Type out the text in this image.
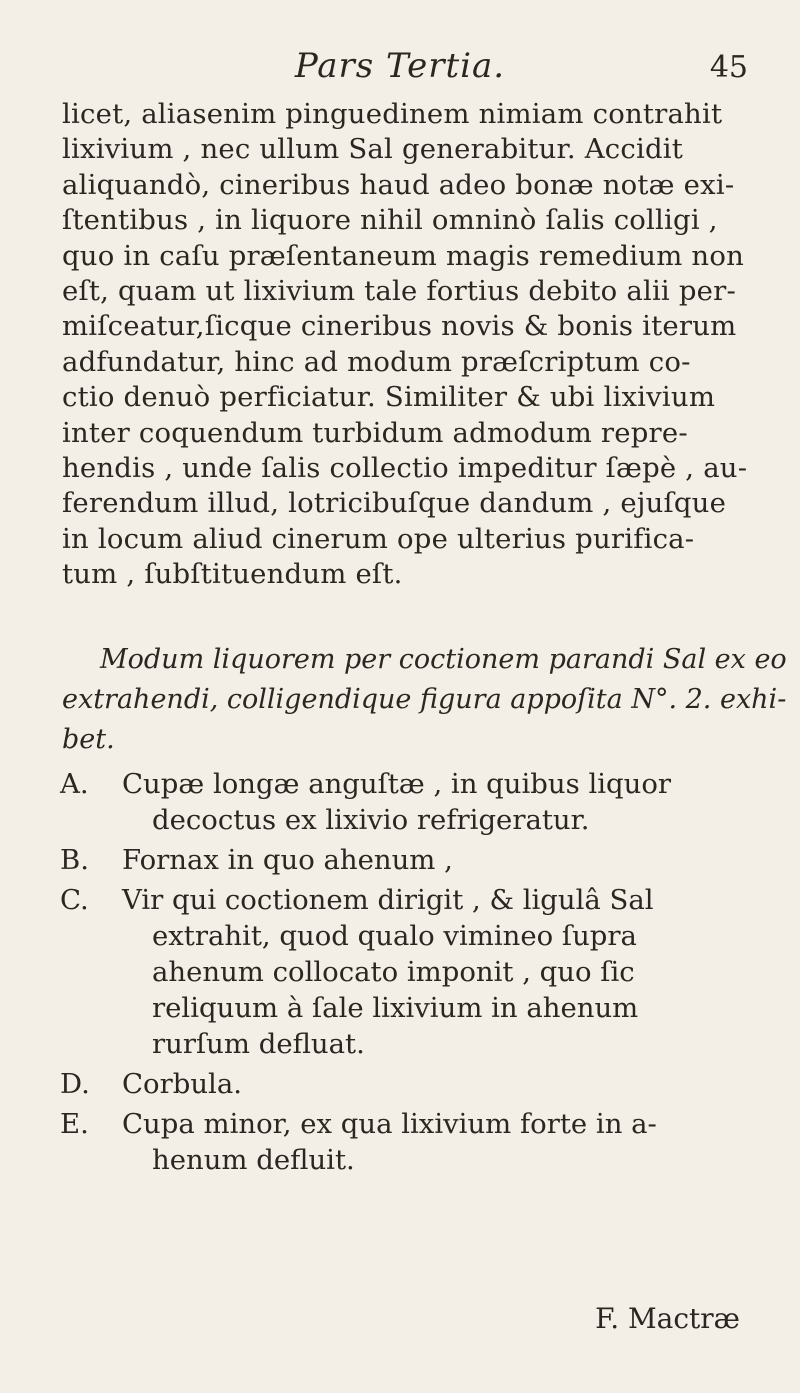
Pars Tertia.	45
licet, aliasenim pinguedinem nimiam contrahit
lixivium , nec ullum Sal generabitur. Accidit
aliquandò, cineribus haud adeo bonæ notæ exi-
ſtentibus , in liquore nihil omninò ſalis colligi ,
quo in caſu præſentaneum magis remedium non
eſt, quam ut lixivium tale fortius debito alii per-
miſceatur,ſicque cineribus novis & bonis iterum
adfundatur, hinc ad modum præſcriptum co-
ctio denuò perficiatur. Similiter & ubi lixivium
inter coquendum turbidum admodum repre-
hendis , unde ſalis collectio impeditur ſæpè , au-
ferendum illud, lotricibuſque dandum , ejuſque
in locum aliud cinerum ope ulterius purifica-
tum , ſubſtituendum eſt.
Modum liquorem per coctionem parandi Sal ex eo
extrahendi, colligendique figura appoſita N°. 2. exhi-
bet.
A. Cupæ longæ anguſtæ , in quibus liquor
decoctus ex lixivio refrigeratur.
B. Fornax in quo ahenum ,
C. Vir qui coctionem dirigit , & ligulâ Sal
extrahit, quod qualo vimineo ſupra
ahenum collocato imponit , quo ſic
reliquum à ſale lixivium in ahenum
rurſum defluat.
D. Corbula.
E. Cupa minor, ex qua lixivium forte in a-
henum defluit.
F. Mactræ
